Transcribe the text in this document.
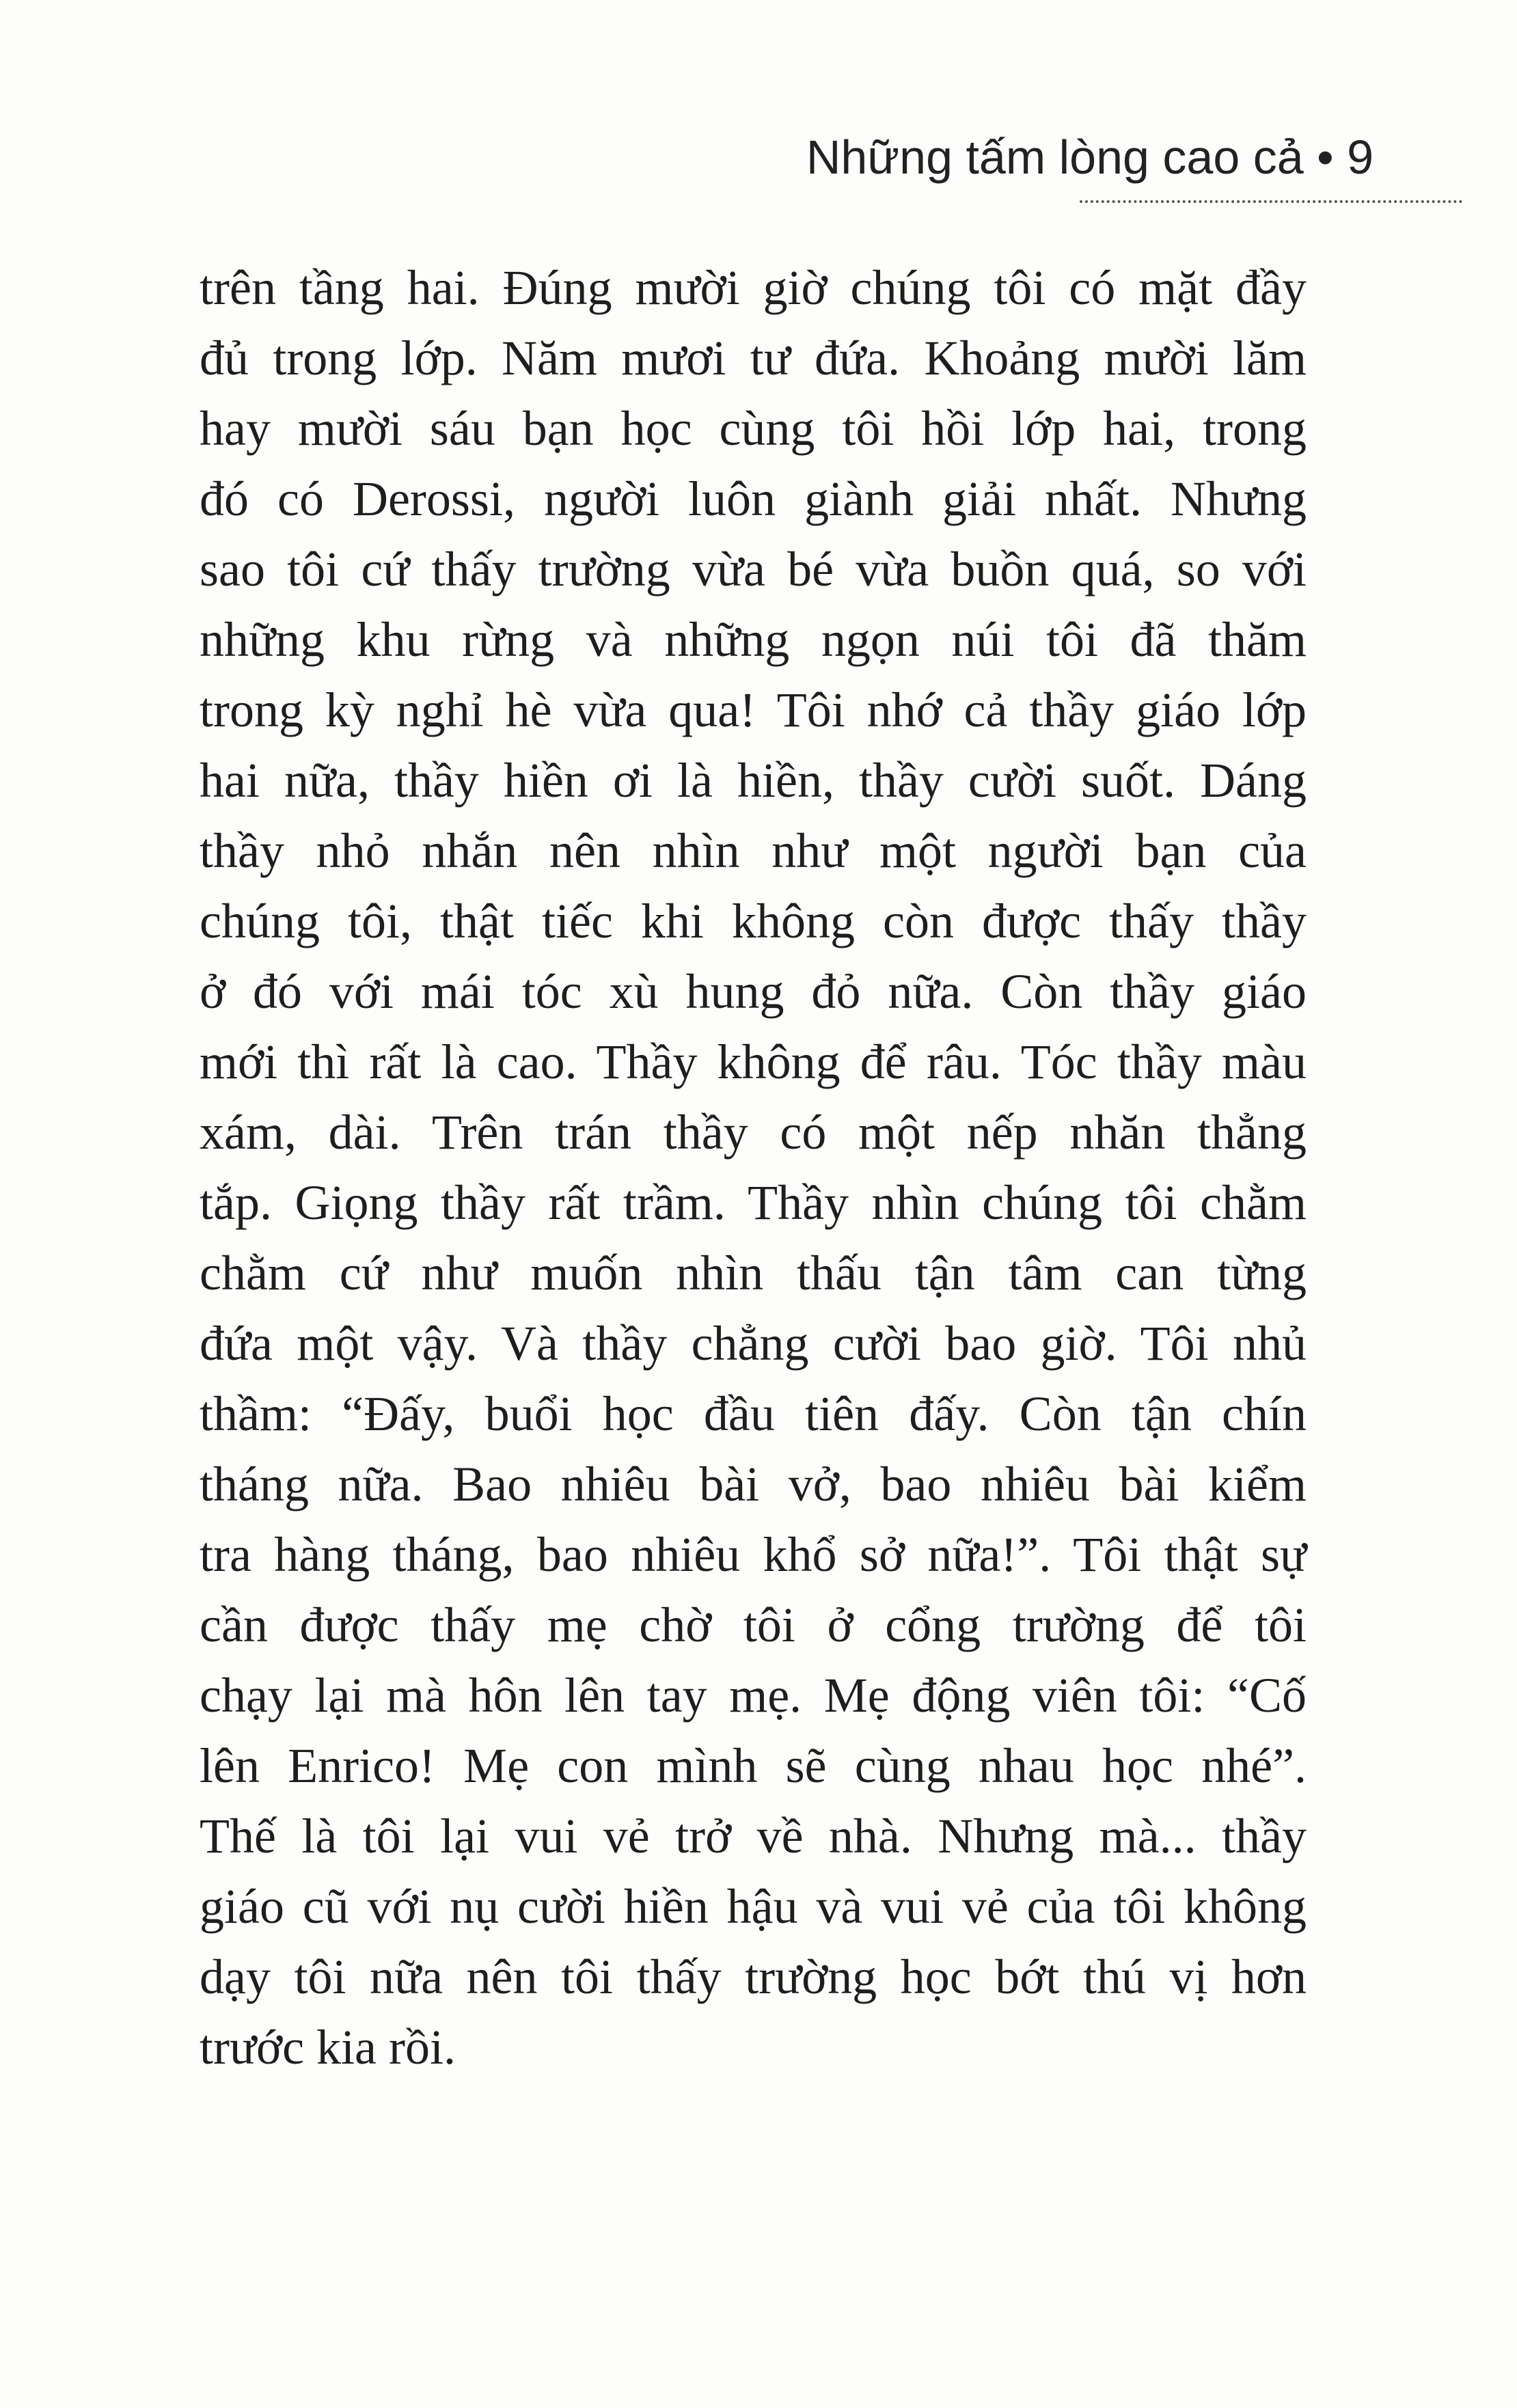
Những tấm lòng cao cả • 9
trên tầng hai. Đúng mười giờ chúng tôi có mặt đầy
đủ trong lớp. Năm mươi tư đứa. Khoảng mười lăm
hay mười sáu bạn học cùng tôi hồi lớp hai, trong
đó có Derossi, người luôn giành giải nhất. Nhưng
sao tôi cứ thấy trường vừa bé vừa buồn quá, so với
những khu rừng và những ngọn núi tôi đã thăm
trong kỳ nghỉ hè vừa qua! Tôi nhớ cả thầy giáo lớp
hai nữa, thầy hiền ơi là hiền, thầy cười suốt. Dáng
thầy nhỏ nhắn nên nhìn như một người bạn của
chúng tôi, thật tiếc khi không còn được thấy thầy
ở đó với mái tóc xù hung đỏ nữa. Còn thầy giáo
mới thì rất là cao. Thầy không để râu. Tóc thầy màu
xám, dài. Trên trán thầy có một nếp nhăn thẳng
tắp. Giọng thầy rất trầm. Thầy nhìn chúng tôi chằm
chằm cứ như muốn nhìn thấu tận tâm can từng
đứa một vậy. Và thầy chẳng cười bao giờ. Tôi nhủ
thầm: “Đấy, buổi học đầu tiên đấy. Còn tận chín
tháng nữa. Bao nhiêu bài vở, bao nhiêu bài kiểm
tra hàng tháng, bao nhiêu khổ sở nữa!”. Tôi thật sự
cần được thấy mẹ chờ tôi ở cổng trường để tôi
chạy lại mà hôn lên tay mẹ. Mẹ động viên tôi: “Cố
lên Enrico! Mẹ con mình sẽ cùng nhau học nhé”.
Thế là tôi lại vui vẻ trở về nhà. Nhưng mà... thầy
giáo cũ với nụ cười hiền hậu và vui vẻ của tôi không
dạy tôi nữa nên tôi thấy trường học bớt thú vị hơn
trước kia rồi.
